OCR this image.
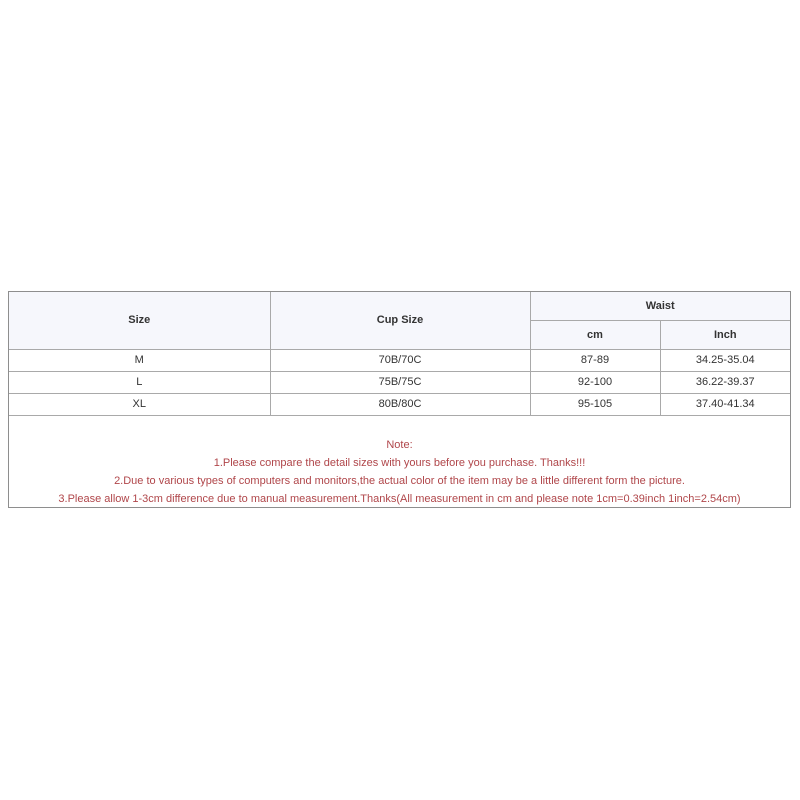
Size	Cup Size	Waist	
		cm	Inch
M	70B/70C	87-89	34.25-35.04
L	75B/75C	92-100	36.22-39.37
XL	80B/80C	95-105	37.40-41.34
Note:
1.Please compare the detail sizes with yours before you purchase. Thanks!!!
2.Due to various types of computers and monitors,the actual color of the item may be a little different form the picture.
3.Please allow 1-3cm difference due to manual measurement.Thanks(All measurement in cm and please note 1cm=0.39inch 1inch=2.54cm)
